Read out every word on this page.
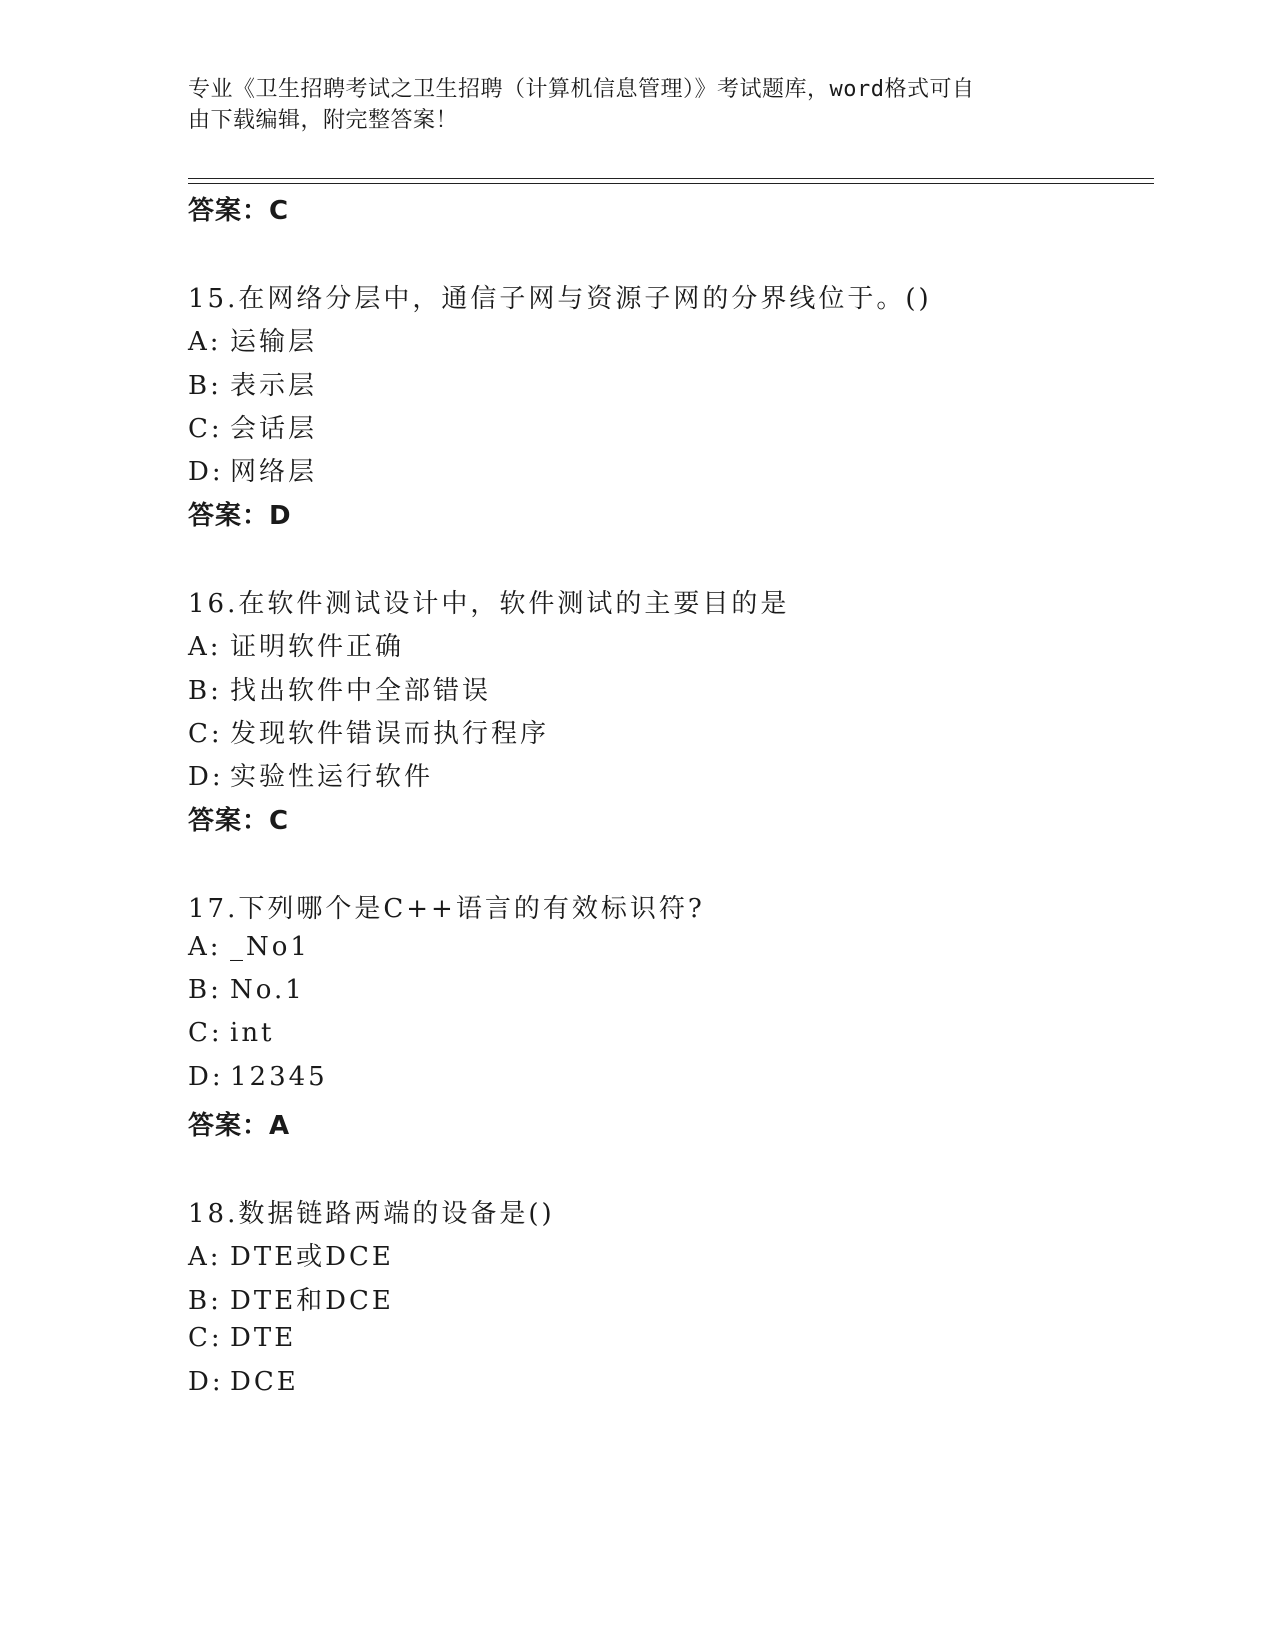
专业《卫生招聘考试之卫生招聘（计算机信息管理）》考试题库，word格式可自
由下载编辑，附完整答案！
答案：C
15.在网络分层中，通信子网与资源子网的分界线位于。()
A: 运输层
B: 表示层
C: 会话层
D: 网络层
答案：D
16.在软件测试设计中，软件测试的主要目的是
A: 证明软件正确
B: 找出软件中全部错误
C: 发现软件错误而执行程序
D: 实验性运行软件
答案：C
17.下列哪个是C++语言的有效标识符?
A: _No1
B: No.1
C: int
D: 12345
答案：A
18.数据链路两端的设备是()
A: DTE或DCE
B: DTE和DCE
C: DTE
D: DCE
